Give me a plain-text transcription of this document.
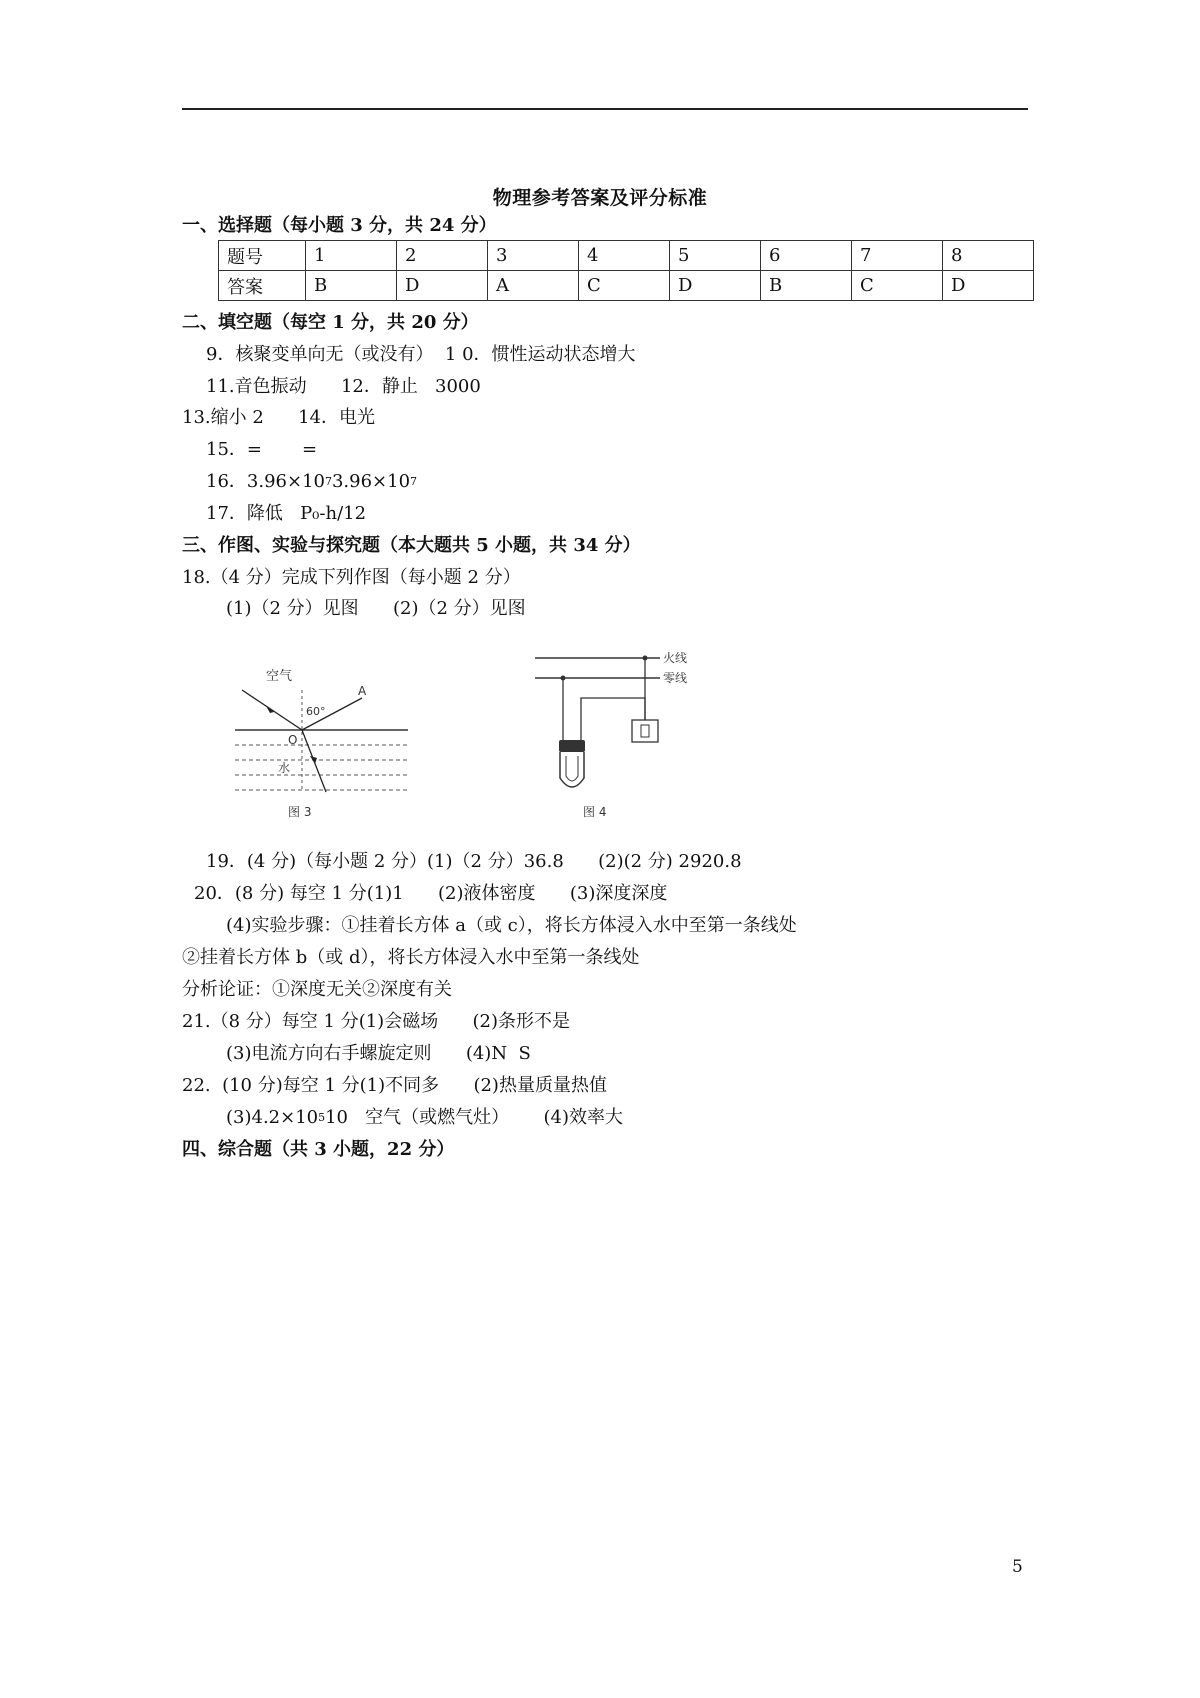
物理参考答案及评分标准
一、选择题（每小题 3 分，共 24 分）
题号	1	2	3	4	5	6	7	8
答案	B	D	A	C	D	B	C	D
二、填空题（每空 1 分，共 20 分）
9．核聚变单向无（或没有）  1 0．惯性运动状态增大
11.音色振动      12．静止   3000
13.缩小 2      14．电光
15．=       =
16．$3.96\times 10^73.96\times 10^7$
17．降低   P₀-h/12
三、作图、实验与探究题（本大题共 5 小题，共 34 分）
18.（4 分）完成下列作图（每小题 2 分）
(1)（2 分）见图      (2)（2 分）见图
空气
A
60°
O
水
图 3
火线
零线
图 4
19．(4 分)（每小题 2 分）(1)（2 分）36.8      (2)(2 分) 2920.8
20．(8 分) 每空 1 分(1)1      (2)液体密度      (3)深度深度
(4)实验步骤：①挂着长方体 a（或 c），将长方体浸入水中至第一条线处
②挂着长方体 b（或 d），将长方体浸入水中至第一条线处
分析论证：①深度无关②深度有关
21.（8 分）每空 1 分(1)会磁场      (2)条形不是
(3)电流方向右手螺旋定则      (4)N  S
22.  (10 分)每空 1 分(1)不同多      (2)热量质量热值
$(3)4.2\times 10^510$   空气（或燃气灶）      (4)效率大
四、综合题（共 3 小题，22 分）
5
